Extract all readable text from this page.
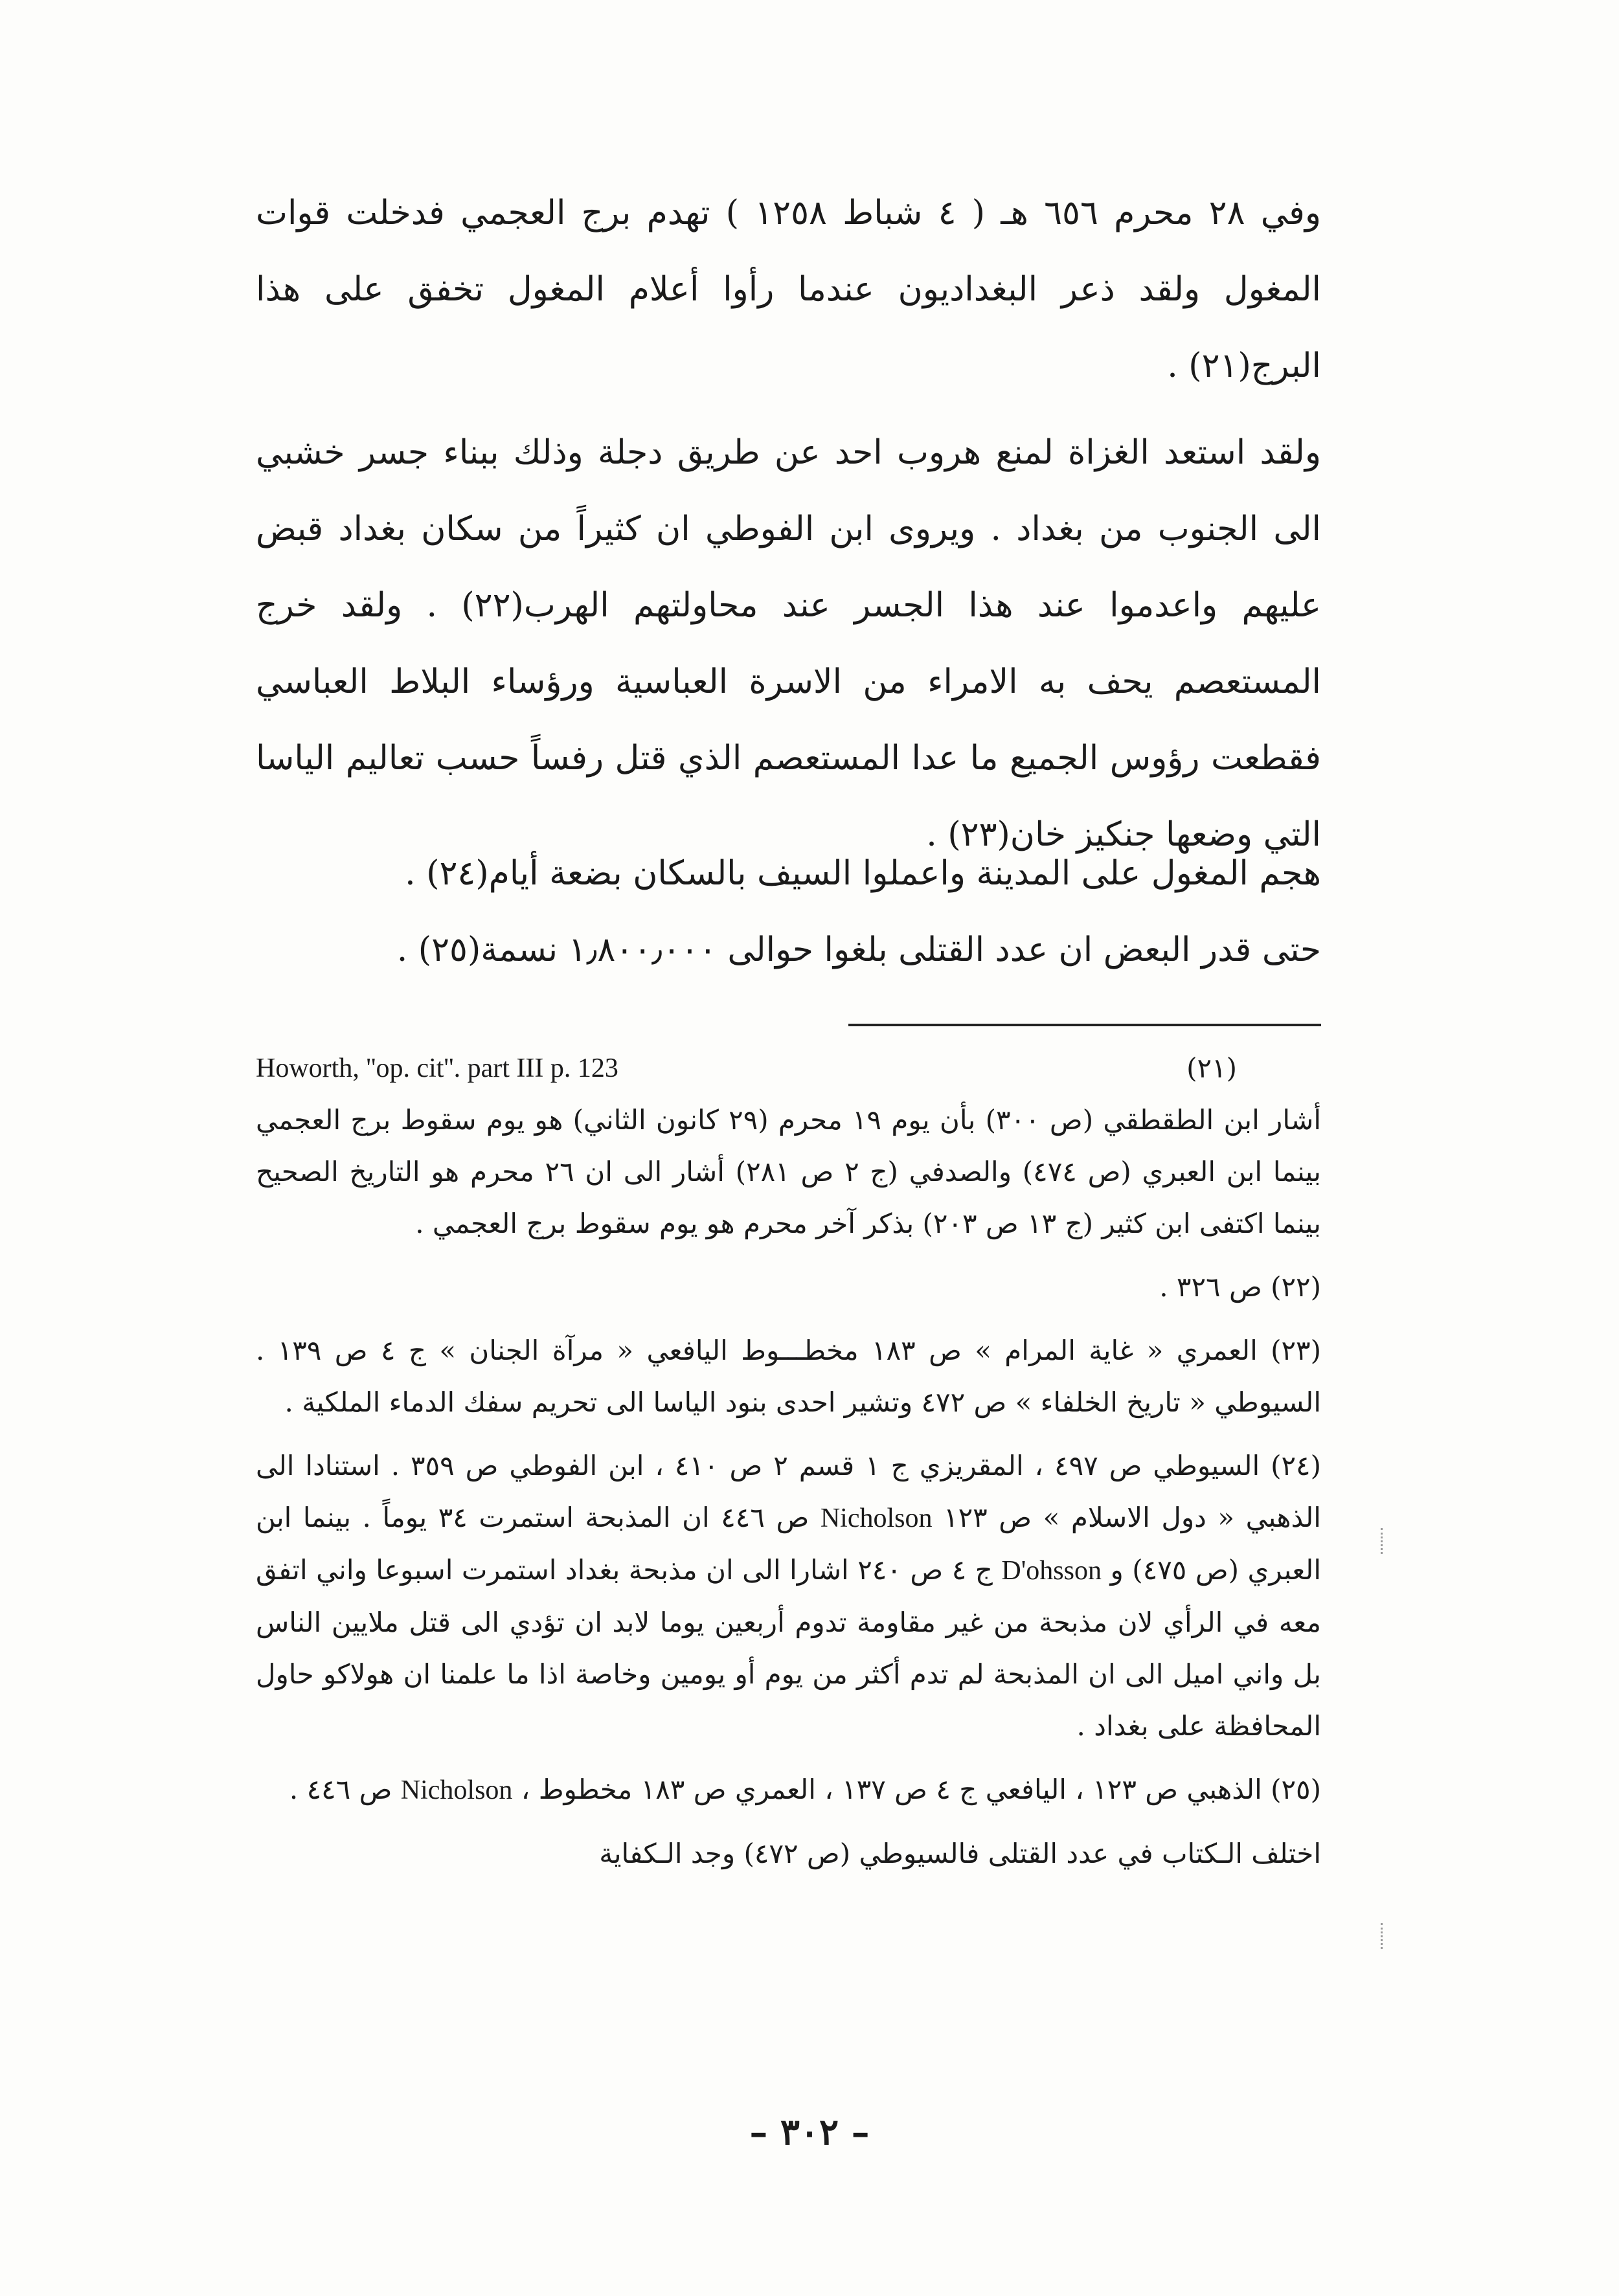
وفي ٢٨ محرم ٦٥٦ هـ ( ٤ شباط ١٢٥٨ ) تهدم برج العجمي فدخلت قوات المغول ولقد ذعر البغداديون عندما رأوا أعلام المغول تخفق على هذا البرج(٢١) .

ولقد استعد الغزاة لمنع هروب احد عن طريق دجلة وذلك ببناء جسر خشبي الى الجنوب من بغداد . ويروى ابن الفوطي ان كثيراً من سكان بغداد قبض عليهم واعدموا عند هذا الجسر عند محاولتهم الهرب(٢٢) . ولقد خرج المستعصم يحف به الامراء من الاسرة العباسية ورؤساء البلاط العباسي فقطعت رؤوس الجميع ما عدا المستعصم الذي قتل رفساً حسب تعاليم الياسا التي وضعها جنكيز خان(٢٣) .

هجم المغول على المدينة واعملوا السيف بالسكان بضعة أيام(٢٤) .

حتى قدر البعض ان عدد القتلى بلغوا حوالى ١٫٨٠٠٫٠٠٠ نسمة(٢٥) .

Howorth, ''op. cit''. part III p. 123	(٢١)

أشار ابن الطقطقي (ص ٣٠٠) بأن يوم ١٩ محرم (٢٩ كانون الثاني) هو يوم سقوط برج العجمي بينما ابن العبري (ص ٤٧٤) والصدفي (ج ٢ ص ٢٨١) أشار الى ان ٢٦ محرم هو التاريخ الصحيح بينما اكتفى ابن كثير (ج ١٣ ص ٢٠٣) بذكر آخر محرم هو يوم سقوط برج العجمي .

(٢٢) ص ٣٢٦ .

(٢٣) العمري « غاية المرام » ص ١٨٣ مخطـــوط اليافعي « مرآة الجنان » ج ٤ ص ١٣٩ . السيوطي « تاريخ الخلفاء » ص ٤٧٢ وتشير احدى بنود الياسا الى تحريم سفك الدماء الملكية .

(٢٤) السيوطي ص ٤٩٧ ، المقريزي ج ١ قسم ٢ ص ٤١٠ ، ابن الفوطي ص ٣٥٩ . استنادا الى الذهبي « دول الاسلام » ص ١٢٣ Nicholson ص ٤٤٦ ان المذبحة استمرت ٣٤ يوماً . بينما ابن العبري (ص ٤٧٥) و D'ohsson ج ٤ ص ٢٤٠ اشارا الى ان مذبحة بغداد استمرت اسبوعا واني اتفق معه في الرأي لان مذبحة من غير مقاومة تدوم أربعين يوما لابد ان تؤدي الى قتل ملايين الناس بل واني اميل الى ان المذبحة لم تدم أكثر من يوم أو يومين وخاصة اذا ما علمنا ان هولاكو حاول المحافظة على بغداد .

(٢٥) الذهبي ص ١٢٣ ، اليافعي ج ٤ ص ١٣٧ ، العمري ص ١٨٣ مخطوط ، Nicholson ص ٤٤٦ .

اختلف الـكتاب في عدد القتلى فالسيوطي (ص ٤٧٢) وجد الـكفاية

– ٣٠٢ –
